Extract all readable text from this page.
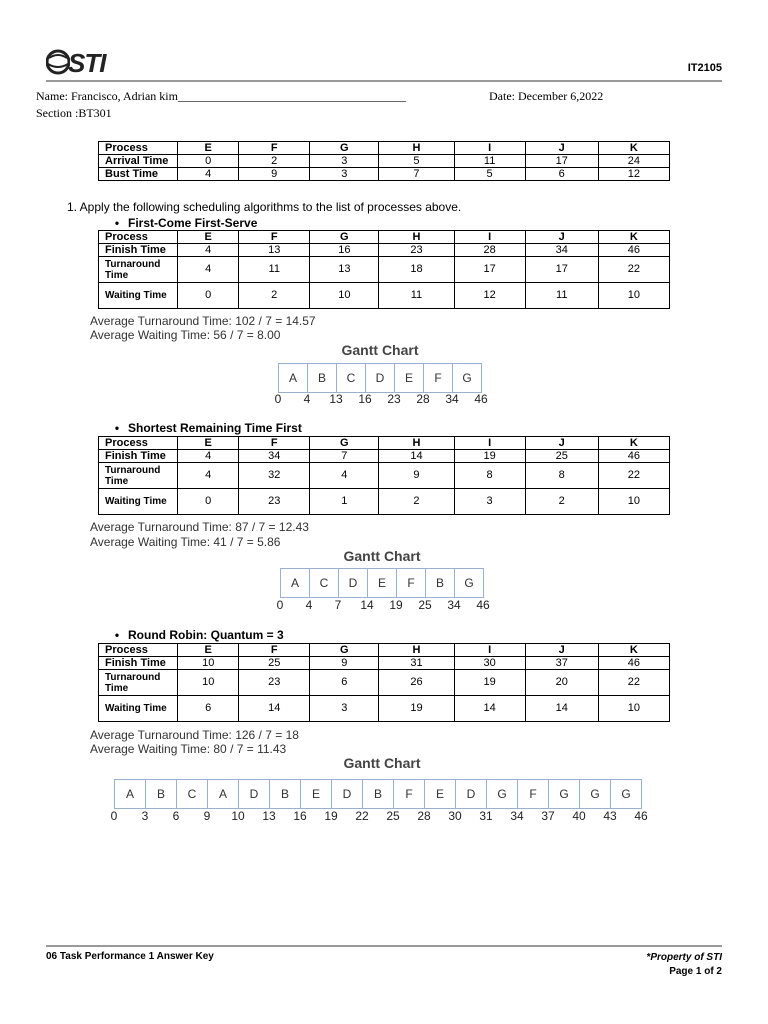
STI	IT2105
Name: Francisco, Adrian kim______________________________________	Date: December 6,2022
Section :BT301
Process	E	F	G	H	I	J	K
Arrival Time	0	2	3	5	11	17	24
Bust Time	4	9	3	7	5	6	12
1. Apply the following scheduling algorithms to the list of processes above.
• First-Come First-Serve
Process	E	F	G	H	I	J	K
Finish Time	4	13	16	23	28	34	46
Turnaround Time	4	11	13	18	17	17	22
Waiting Time	0	2	10	11	12	11	10
Average Turnaround Time: 102 / 7 = 14.57
Average Waiting Time: 56 / 7 = 8.00
Gantt Chart
A	B	C	D	E	F	G
0 4 13 16 23 28 34 46
• Shortest Remaining Time First
Process	E	F	G	H	I	J	K
Finish Time	4	34	7	14	19	25	46
Turnaround Time	4	32	4	9	8	8	22
Waiting Time	0	23	1	2	3	2	10
Average Turnaround Time: 87 / 7 = 12.43
Average Waiting Time: 41 / 7 = 5.86
Gantt Chart
A	C	D	E	F	B	G
0 4 7 14 19 25 34 46
• Round Robin: Quantum = 3
Process	E	F	G	H	I	J	K
Finish Time	10	25	9	31	30	37	46
Turnaround Time	10	23	6	26	19	20	22
Waiting Time	6	14	3	19	14	14	10
Average Turnaround Time: 126 / 7 = 18
Average Waiting Time: 80 / 7 = 11.43
Gantt Chart
A	B	C	A	D	B	E	D	B	F	E	D	G	F	G	G	G
0 3 6 9 10 13 16 19 22 25 28 30 31 34 37 40 43 46
06 Task Performance 1 Answer Key	*Property of STI
Page 1 of 2
